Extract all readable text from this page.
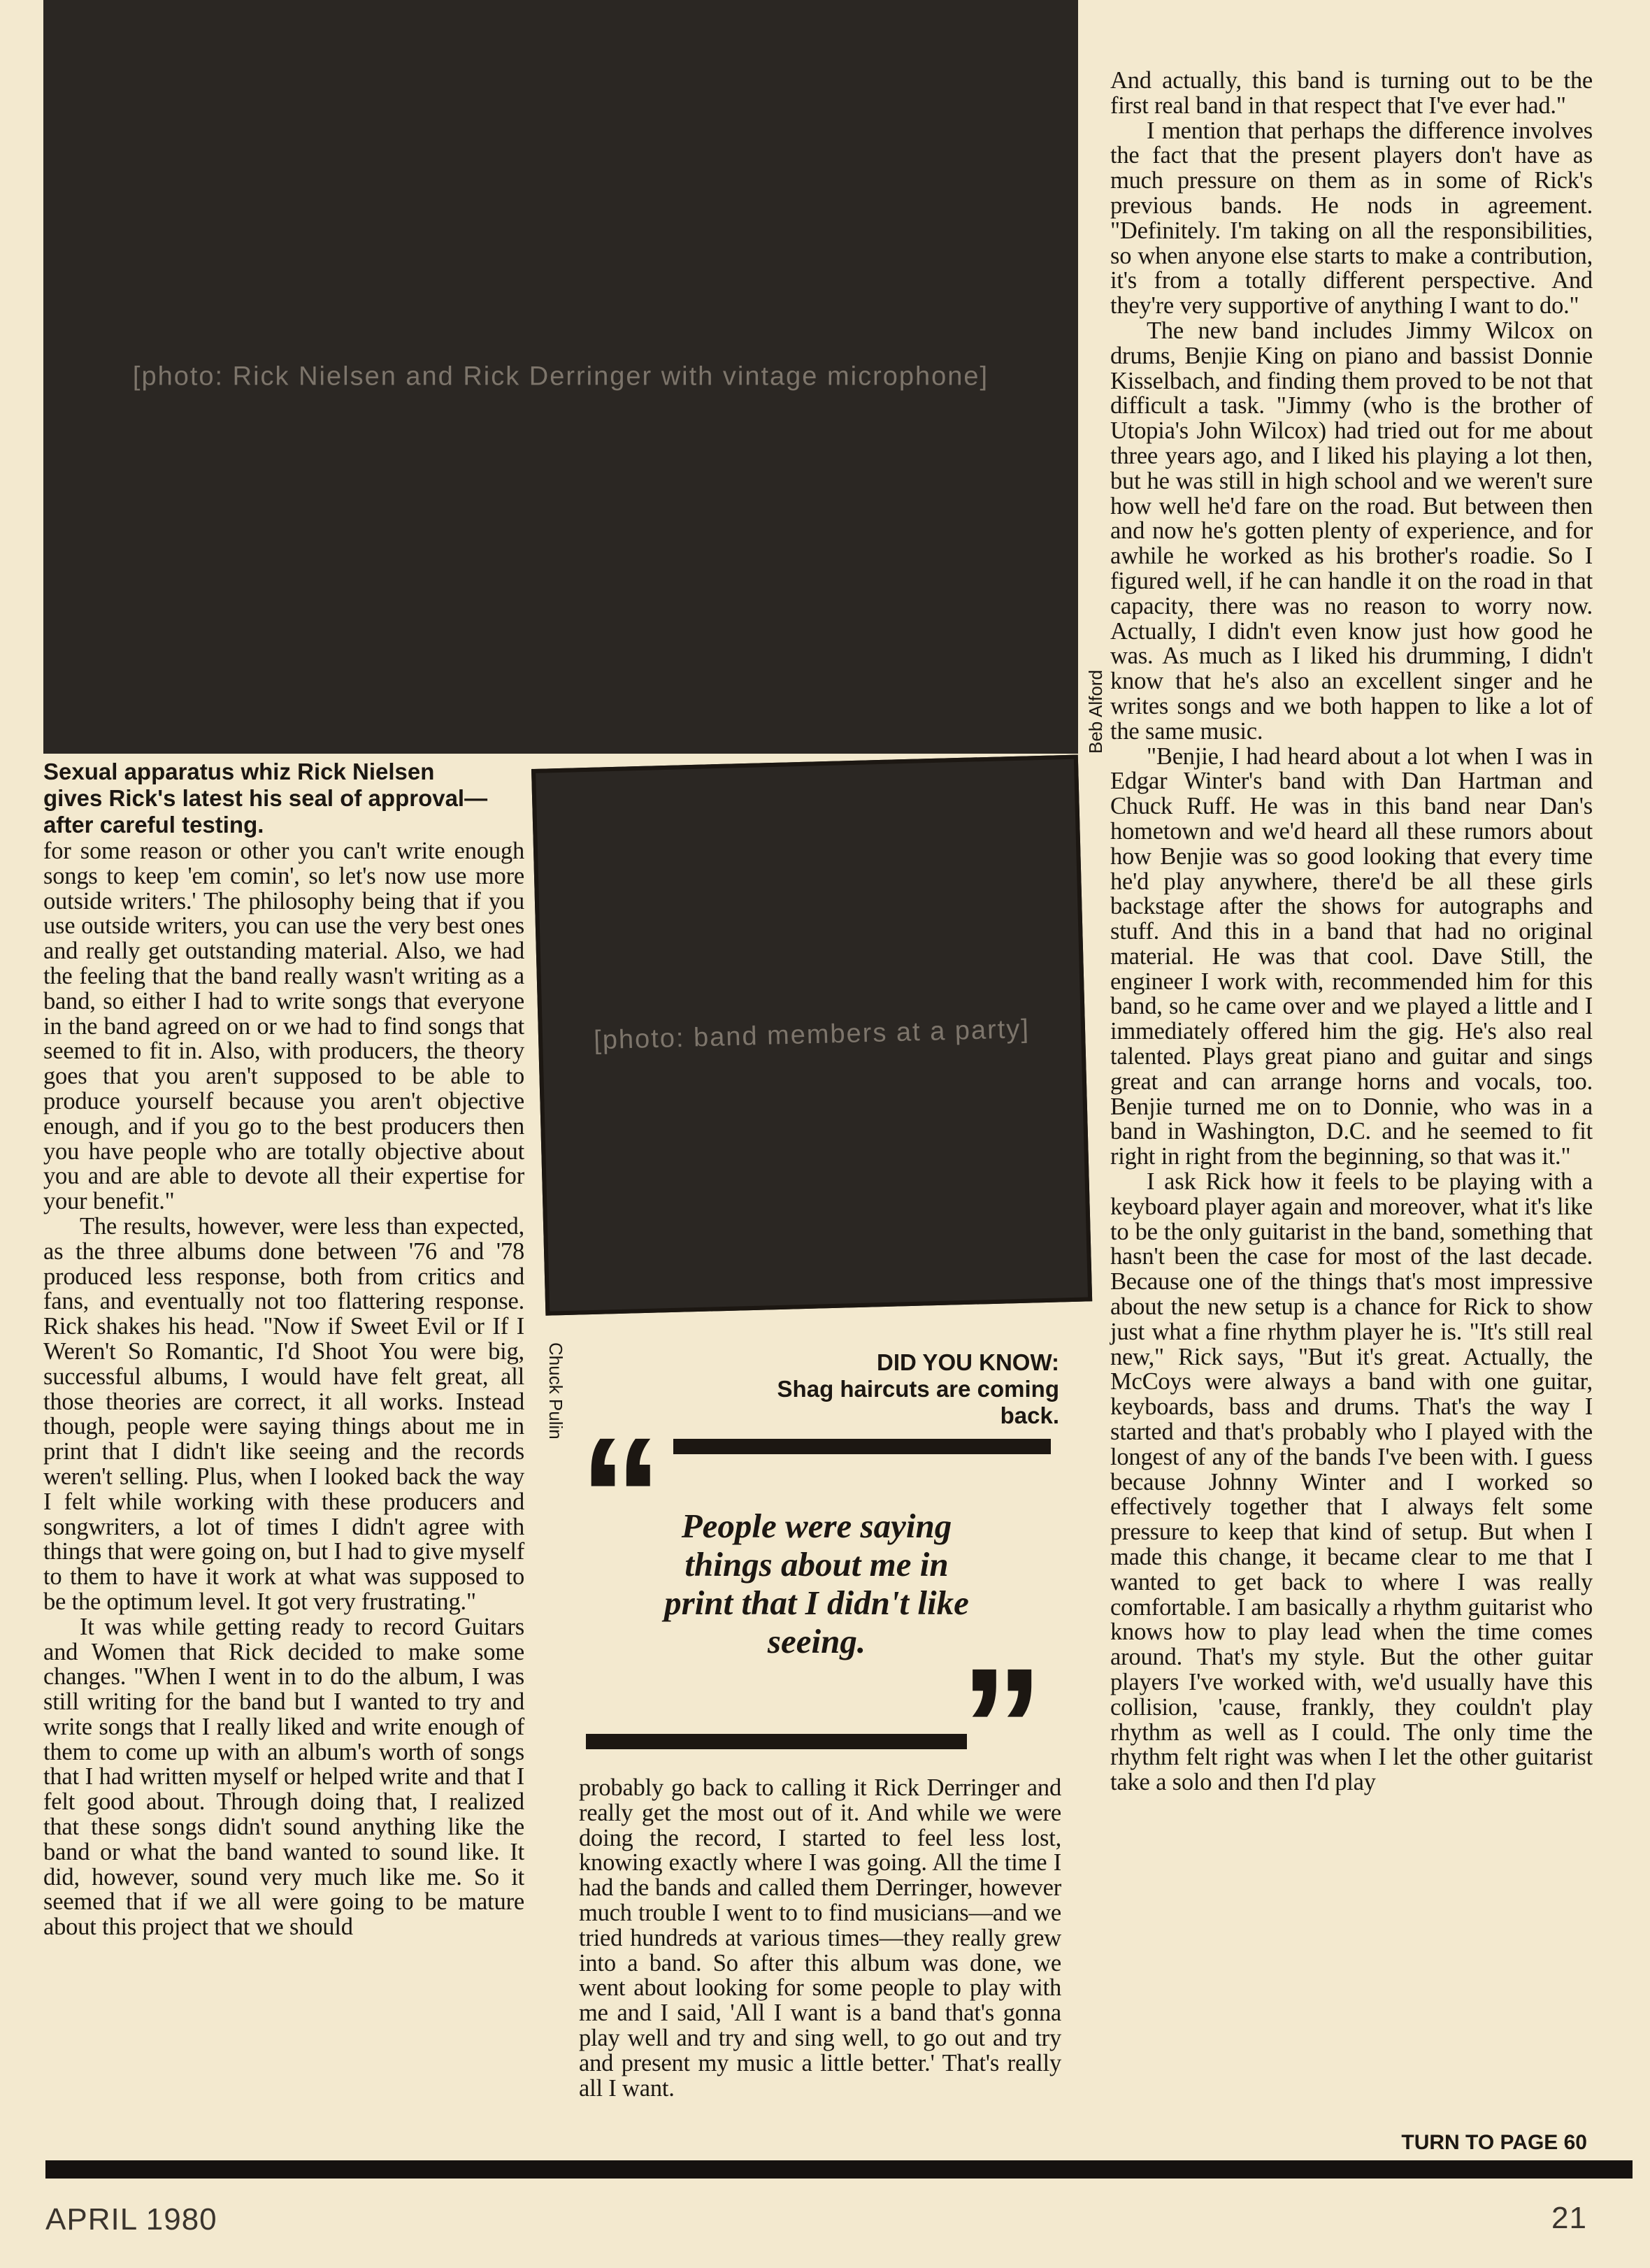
[photo: Rick Nielsen and Rick Derringer with vintage microphone]
Beb Alford
Sexual apparatus whiz Rick Nielsen gives Rick's latest his seal of approval—after careful testing.
[photo: band members at a party]
Chuck Pulin	DID YOU KNOW:
Shag haircuts are coming back.

for some reason or other you can't write enough songs to keep 'em comin', so let's now use more outside writers.' The philosophy being that if you use outside writers, you can use the very best ones and really get outstanding material. Also, we had the feeling that the band really wasn't writing as a band, so either I had to write songs that everyone in the band agreed on or we had to find songs that seemed to fit in. Also, with producers, the theory goes that you aren't supposed to be able to produce yourself because you aren't objective enough, and if you go to the best producers then you have people who are totally objective about you and are able to devote all their expertise for your benefit."

The results, however, were less than expected, as the three albums done between '76 and '78 produced less response, both from critics and fans, and eventually not too flattering response. Rick shakes his head. "Now if Sweet Evil or If I Weren't So Romantic, I'd Shoot You were big, successful albums, I would have felt great, all those theories are correct, it all works. Instead though, people were saying things about me in print that I didn't like seeing and the records weren't selling. Plus, when I looked back the way I felt while working with these producers and songwriters, a lot of times I didn't agree with things that were going on, but I had to give myself to them to have it work at what was supposed to be the optimum level. It got very frustrating."

It was while getting ready to record Guitars and Women that Rick decided to make some changes. "When I went in to do the album, I was still writing for the band but I wanted to try and write songs that I really liked and write enough of them to come up with an album's worth of songs that I had written myself or helped write and that I felt good about. Through doing that, I realized that these songs didn't sound anything like the band or what the band wanted to sound like. It did, however, sound very much like me. So it seemed that if we all were going to be mature about this project that we should

“ People were saying things about me in print that I didn't like seeing. ”

probably go back to calling it Rick Derringer and really get the most out of it. And while we were doing the record, I started to feel less lost, knowing exactly where I was going. All the time I had the bands and called them Derringer, however much trouble I went to to find musicians—and we tried hundreds at various times—they really grew into a band. So after this album was done, we went about looking for some people to play with me and I said, 'All I want is a band that's gonna play well and try and sing well, to go out and try and present my music a little better.' That's really all I want.

And actually, this band is turning out to be the first real band in that respect that I've ever had."

I mention that perhaps the difference involves the fact that the present players don't have as much pressure on them as in some of Rick's previous bands. He nods in agreement. "Definitely. I'm taking on all the responsibilities, so when anyone else starts to make a contribution, it's from a totally different perspective. And they're very supportive of anything I want to do."

The new band includes Jimmy Wilcox on drums, Benjie King on piano and bassist Donnie Kisselbach, and finding them proved to be not that difficult a task. "Jimmy (who is the brother of Utopia's John Wilcox) had tried out for me about three years ago, and I liked his playing a lot then, but he was still in high school and we weren't sure how well he'd fare on the road. But between then and now he's gotten plenty of experience, and for awhile he worked as his brother's roadie. So I figured well, if he can handle it on the road in that capacity, there was no reason to worry now. Actually, I didn't even know just how good he was. As much as I liked his drumming, I didn't know that he's also an excellent singer and he writes songs and we both happen to like a lot of the same music.

"Benjie, I had heard about a lot when I was in Edgar Winter's band with Dan Hartman and Chuck Ruff. He was in this band near Dan's hometown and we'd heard all these rumors about how Benjie was so good looking that every time he'd play anywhere, there'd be all these girls backstage after the shows for autographs and stuff. And this in a band that had no original material. He was that cool. Dave Still, the engineer I work with, recommended him for this band, so he came over and we played a little and I immediately offered him the gig. He's also real talented. Plays great piano and guitar and sings great and can arrange horns and vocals, too. Benjie turned me on to Donnie, who was in a band in Washington, D.C. and he seemed to fit right in right from the beginning, so that was it."

I ask Rick how it feels to be playing with a keyboard player again and moreover, what it's like to be the only guitarist in the band, something that hasn't been the case for most of the last decade. Because one of the things that's most impressive about the new setup is a chance for Rick to show just what a fine rhythm player he is. "It's still real new," Rick says, "But it's great. Actually, the McCoys were always a band with one guitar, keyboards, bass and drums. That's the way I started and that's probably who I played with the longest of any of the bands I've been with. I guess because Johnny Winter and I worked so effectively together that I always felt some pressure to keep that kind of setup. But when I made this change, it became clear to me that I wanted to get back to where I was really comfortable. I am basically a rhythm guitarist who knows how to play lead when the time comes around. That's my style. But the other guitar players I've worked with, we'd usually have this collision, 'cause, frankly, they couldn't play rhythm as well as I could. The only time the rhythm felt right was when I let the other guitarist take a solo and then I'd play

TURN TO PAGE 60
APRIL 1980	21
